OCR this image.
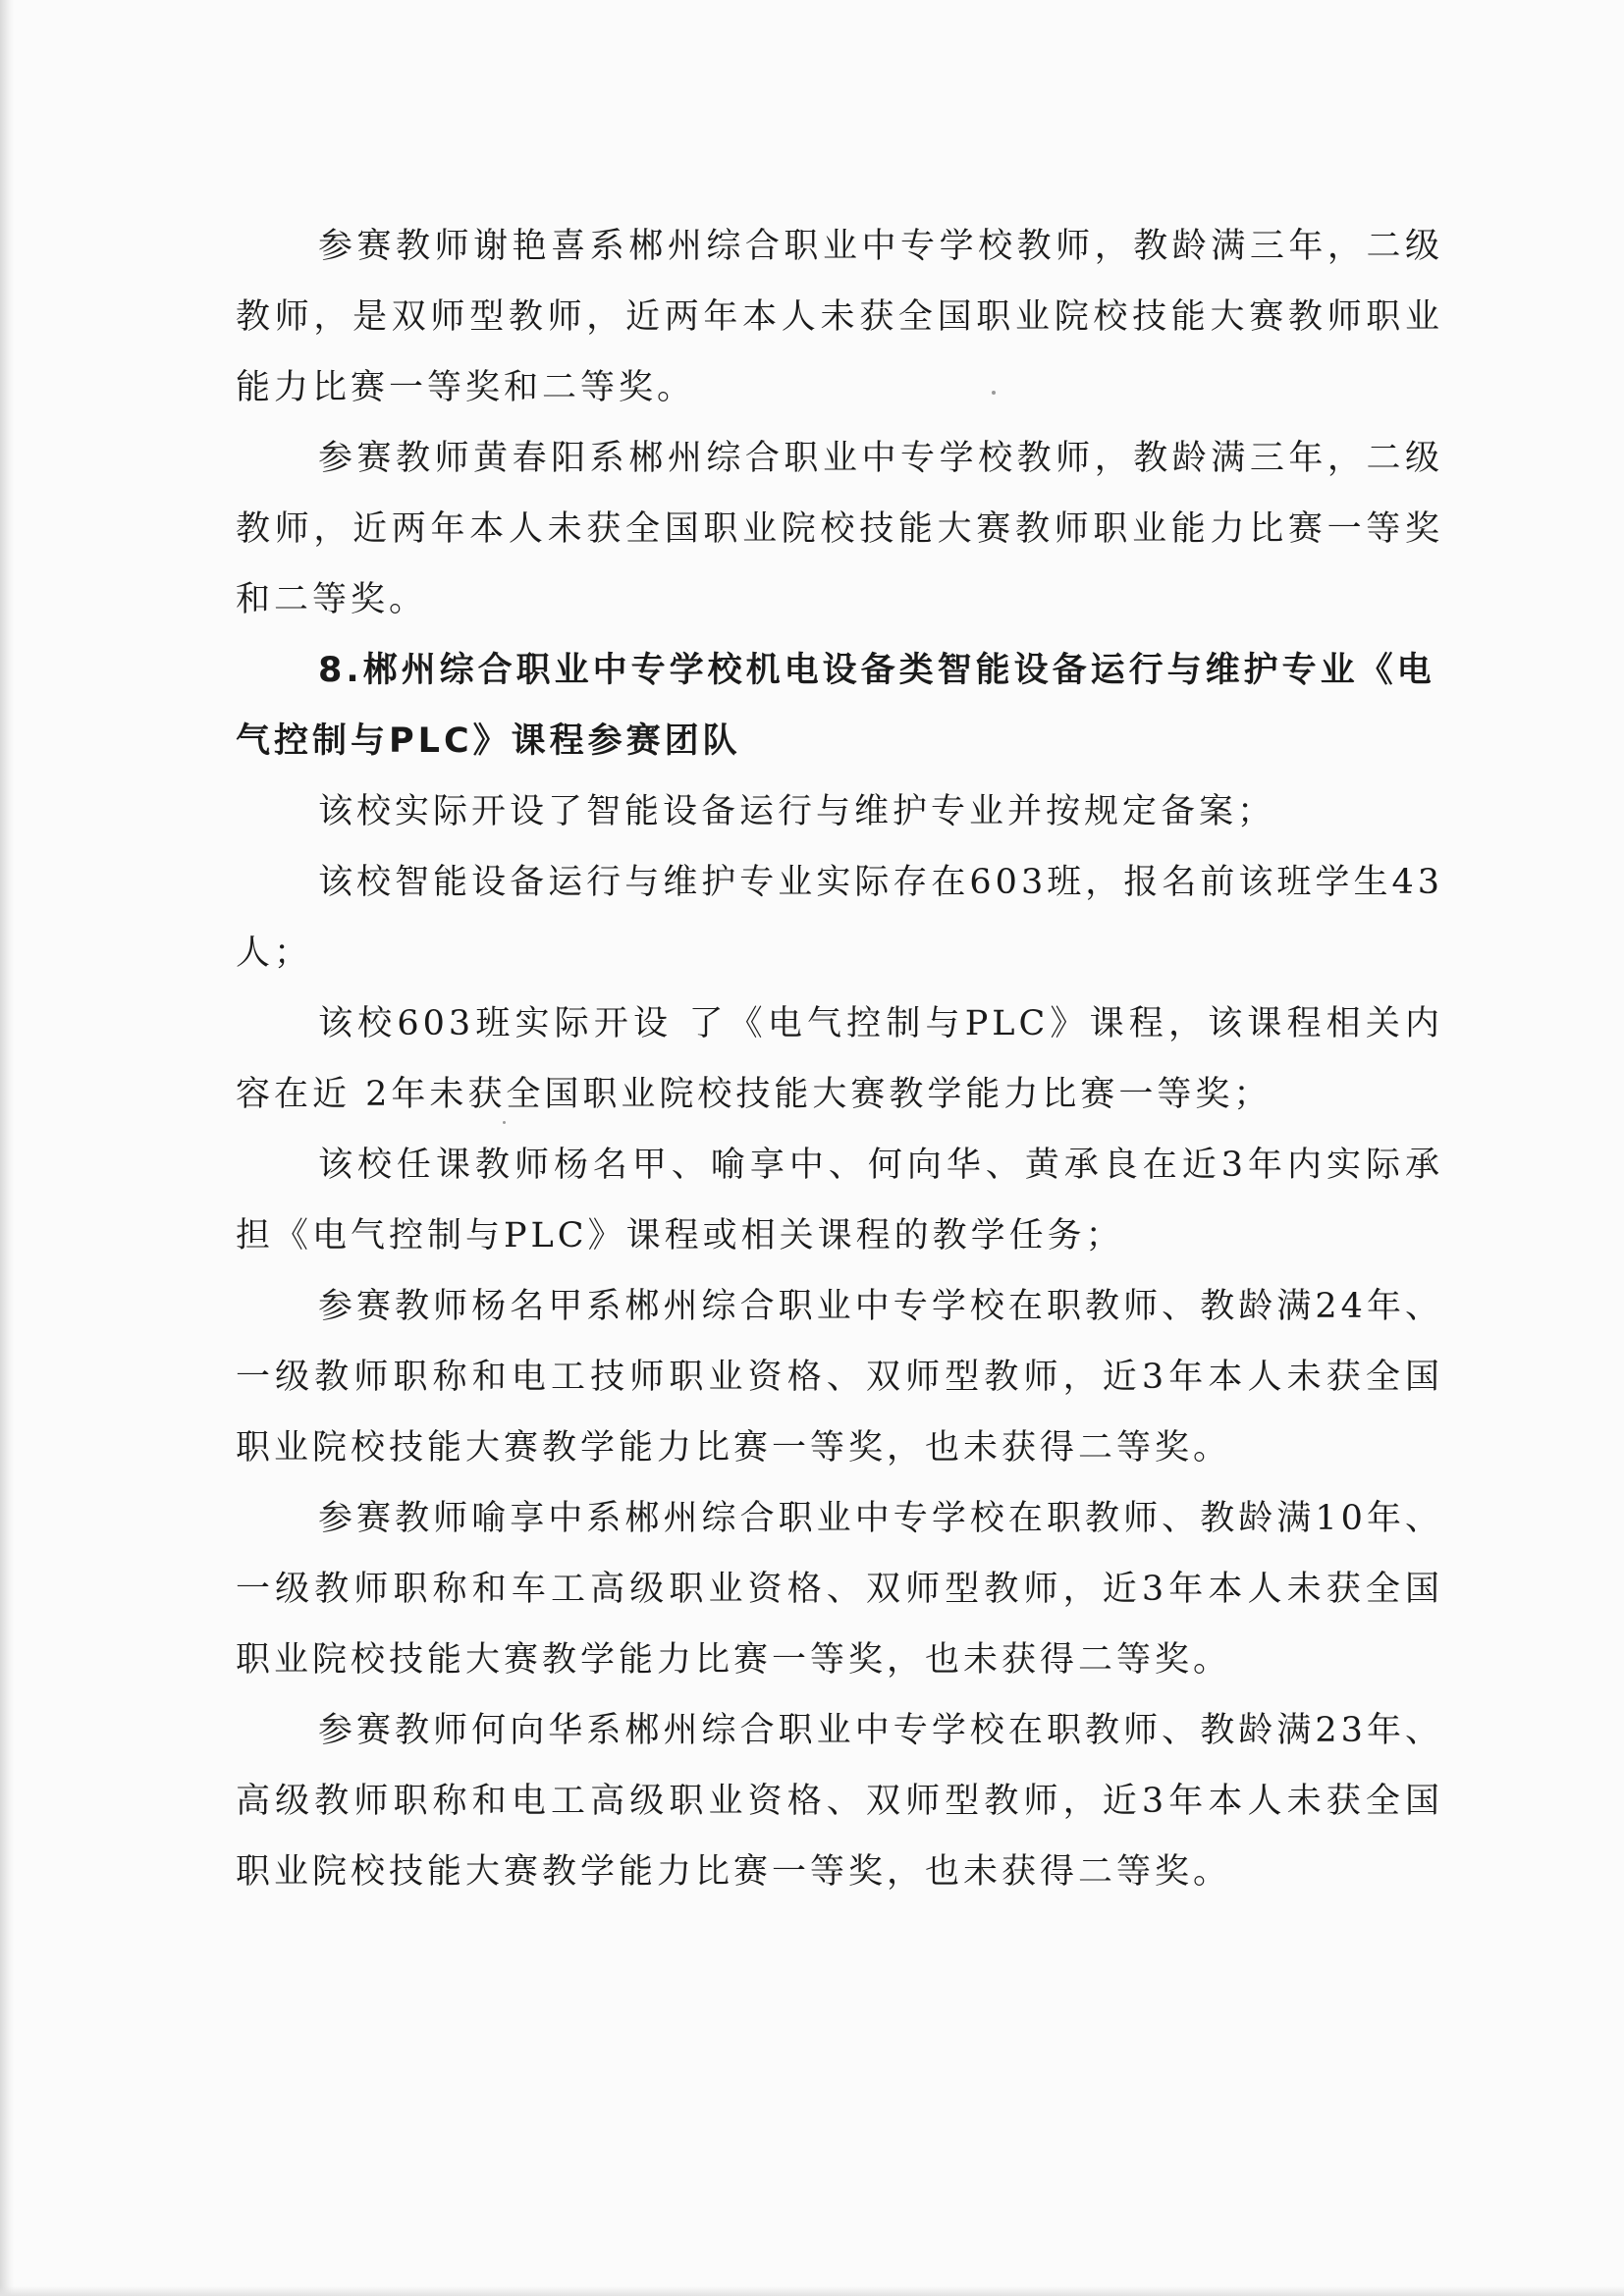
参赛教师谢艳喜系郴州综合职业中专学校教师，教龄满三年，二级教师，是双师型教师，近两年本人未获全国职业院校技能大赛教师职业能力比赛一等奖和二等奖。

参赛教师黄春阳系郴州综合职业中专学校教师，教龄满三年，二级教师，近两年本人未获全国职业院校技能大赛教师职业能力比赛一等奖和二等奖。

8.郴州综合职业中专学校机电设备类智能设备运行与维护专业《电气控制与PLC》课程参赛团队

该校实际开设了智能设备运行与维护专业并按规定备案；

该校智能设备运行与维护专业实际存在603班，报名前该班学生43人；

该校603班实际开设 了《电气控制与PLC》课程，该课程相关内容在近 2年未获全国职业院校技能大赛教学能力比赛一等奖；

该校任课教师杨名甲、喻享中、何向华、黄承良在近3年内实际承担《电气控制与PLC》课程或相关课程的教学任务；

参赛教师杨名甲系郴州综合职业中专学校在职教师、教龄满24年、一级教师职称和电工技师职业资格、双师型教师，近3年本人未获全国职业院校技能大赛教学能力比赛一等奖，也未获得二等奖。

参赛教师喻享中系郴州综合职业中专学校在职教师、教龄满10年、一级教师职称和车工高级职业资格、双师型教师，近3年本人未获全国职业院校技能大赛教学能力比赛一等奖，也未获得二等奖。

参赛教师何向华系郴州综合职业中专学校在职教师、教龄满23年、高级教师职称和电工高级职业资格、双师型教师，近3年本人未获全国职业院校技能大赛教学能力比赛一等奖，也未获得二等奖。
